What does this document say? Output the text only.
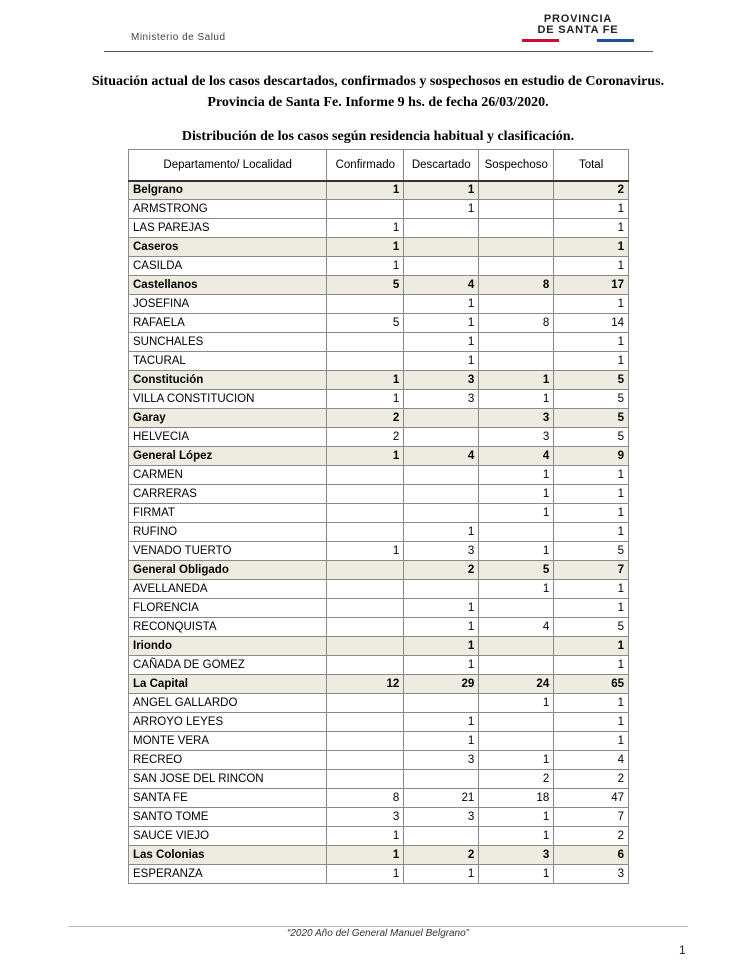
Ministerio de Salud
PROVINCIA
DE SANTA FE
Situación actual de los casos descartados, confirmados y sospechosos en estudio de Coronavirus.
Provincia de Santa Fe. Informe 9 hs. de fecha 26/03/2020.
Distribución de los casos según residencia habitual y clasificación.
Departamento/ Localidad	Confirmado	Descartado	Sospechoso	Total
Belgrano	1	1		2
ARMSTRONG		1		1
LAS PAREJAS	1			1
Caseros	1			1
CASILDA	1			1
Castellanos	5	4	8	17
JOSEFINA		1		1
RAFAELA	5	1	8	14
SUNCHALES		1		1
TACURAL		1		1
Constitución	1	3	1	5
VILLA CONSTITUCION	1	3	1	5
Garay	2		3	5
HELVECIA	2		3	5
General López	1	4	4	9
CARMEN			1	1
CARRERAS			1	1
FIRMAT			1	1
RUFINO		1		1
VENADO TUERTO	1	3	1	5
General Obligado		2	5	7
AVELLANEDA			1	1
FLORENCIA		1		1
RECONQUISTA		1	4	5
Iriondo		1		1
CAÑADA DE GOMEZ		1		1
La Capital	12	29	24	65
ANGEL GALLARDO			1	1
ARROYO LEYES		1		1
MONTE VERA		1		1
RECREO		3	1	4
SAN JOSE DEL RINCON			2	2
SANTA FE	8	21	18	47
SANTO TOME	3	3	1	7
SAUCE VIEJO	1		1	2
Las Colonias	1	2	3	6
ESPERANZA	1	1	1	3
“2020 Año del General Manuel Belgrano”
1
